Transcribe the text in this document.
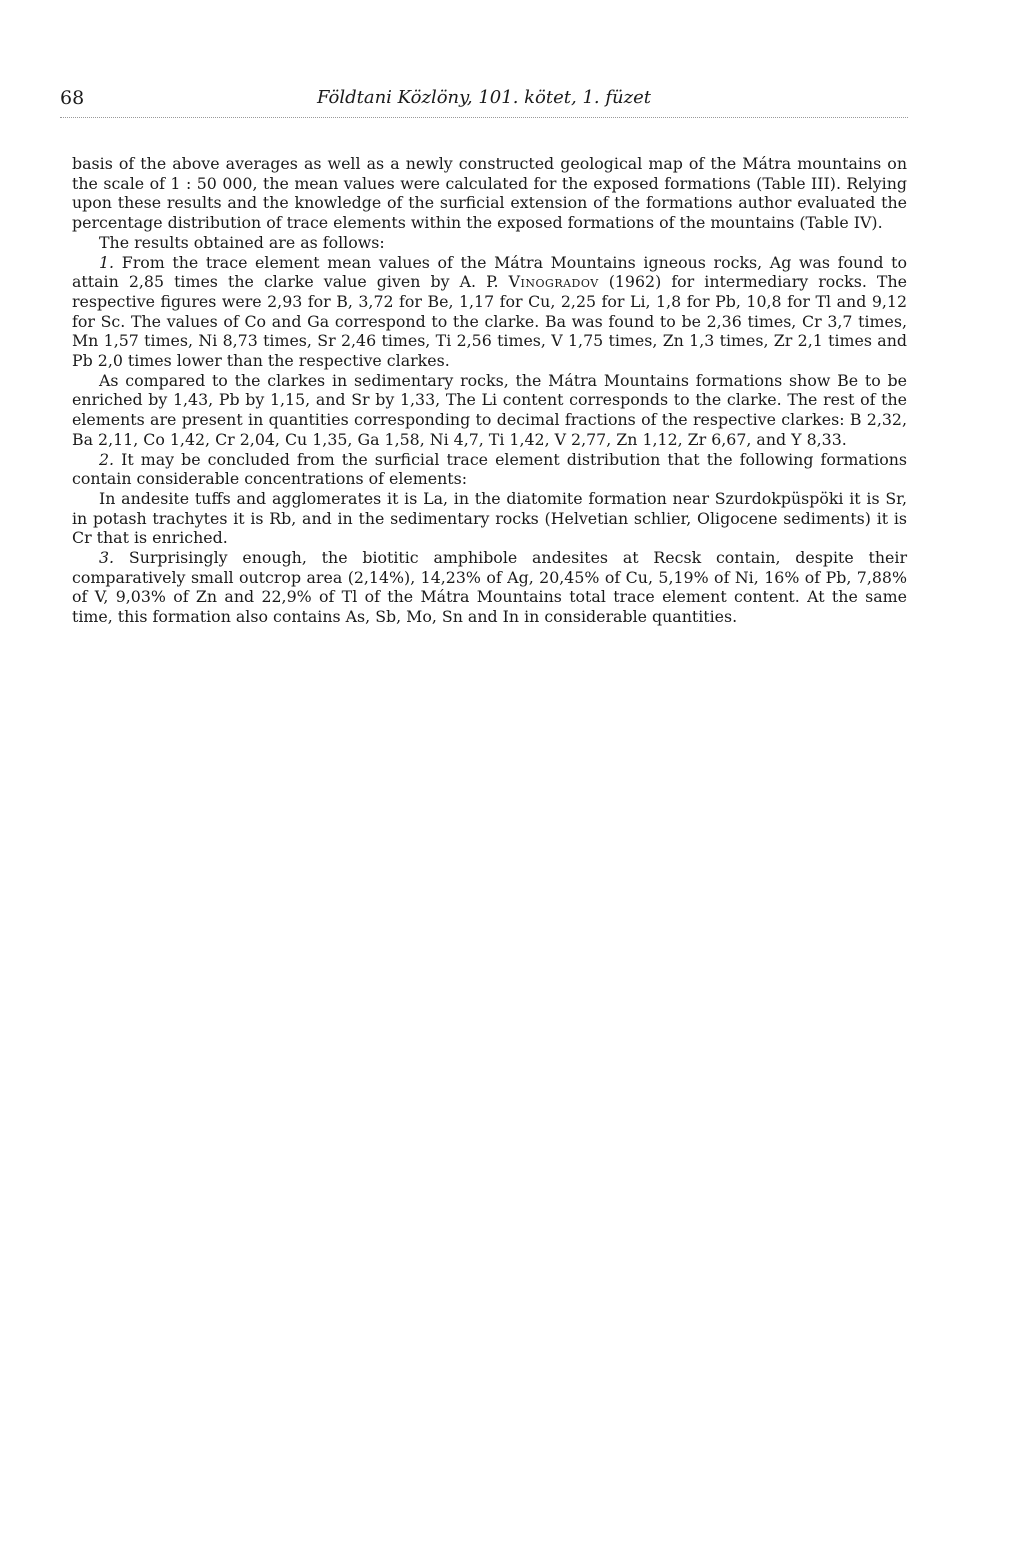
68	Földtani Közlöny, 101. kötet, 1. füzet

basis of the above averages as well as a newly constructed geological map of the Mátra mountains on the scale of 1 : 50 000, the mean values were calculated for the exposed formations (Table III). Relying upon these results and the knowledge of the surficial extension of the formations author evaluated the percentage distribution of trace elements within the exposed formations of the mountains (Table IV).

The results obtained are as follows:

1. From the trace element mean values of the Mátra Mountains igneous rocks, Ag was found to attain 2,85 times the clarke value given by A. P. Vinogradov (1962) for intermediary rocks. The respective figures were 2,93 for B, 3,72 for Be, 1,17 for Cu, 2,25 for Li, 1,8 for Pb, 10,8 for Tl and 9,12 for Sc. The values of Co and Ga correspond to the clarke. Ba was found to be 2,36 times, Cr 3,7 times, Mn 1,57 times, Ni 8,73 times, Sr 2,46 times, Ti 2,56 times, V 1,75 times, Zn 1,3 times, Zr 2,1 times and Pb 2,0 times lower than the respective clarkes.

As compared to the clarkes in sedimentary rocks, the Mátra Mountains formations show Be to be enriched by 1,43, Pb by 1,15, and Sr by 1,33, The Li content corresponds to the clarke. The rest of the elements are present in quantities corresponding to decimal fractions of the respective clarkes: B 2,32, Ba 2,11, Co 1,42, Cr 2,04, Cu 1,35, Ga 1,58, Ni 4,7, Ti 1,42, V 2,77, Zn 1,12, Zr 6,67, and Y 8,33.

2. It may be concluded from the surficial trace element distribution that the following formations contain considerable concentrations of elements:

In andesite tuffs and agglomerates it is La, in the diatomite formation near Szurdokpüspöki it is Sr, in potash trachytes it is Rb, and in the sedimentary rocks (Helvetian schlier, Oligocene sediments) it is Cr that is enriched.

3. Surprisingly enough, the biotitic amphibole andesites at Recsk contain, despite their comparatively small outcrop area (2,14%), 14,23% of Ag, 20,45% of Cu, 5,19% of Ni, 16% of Pb, 7,88% of V, 9,03% of Zn and 22,9% of Tl of the Mátra Mountains total trace element content. At the same time, this formation also contains As, Sb, Mo, Sn and In in considerable quantities.
